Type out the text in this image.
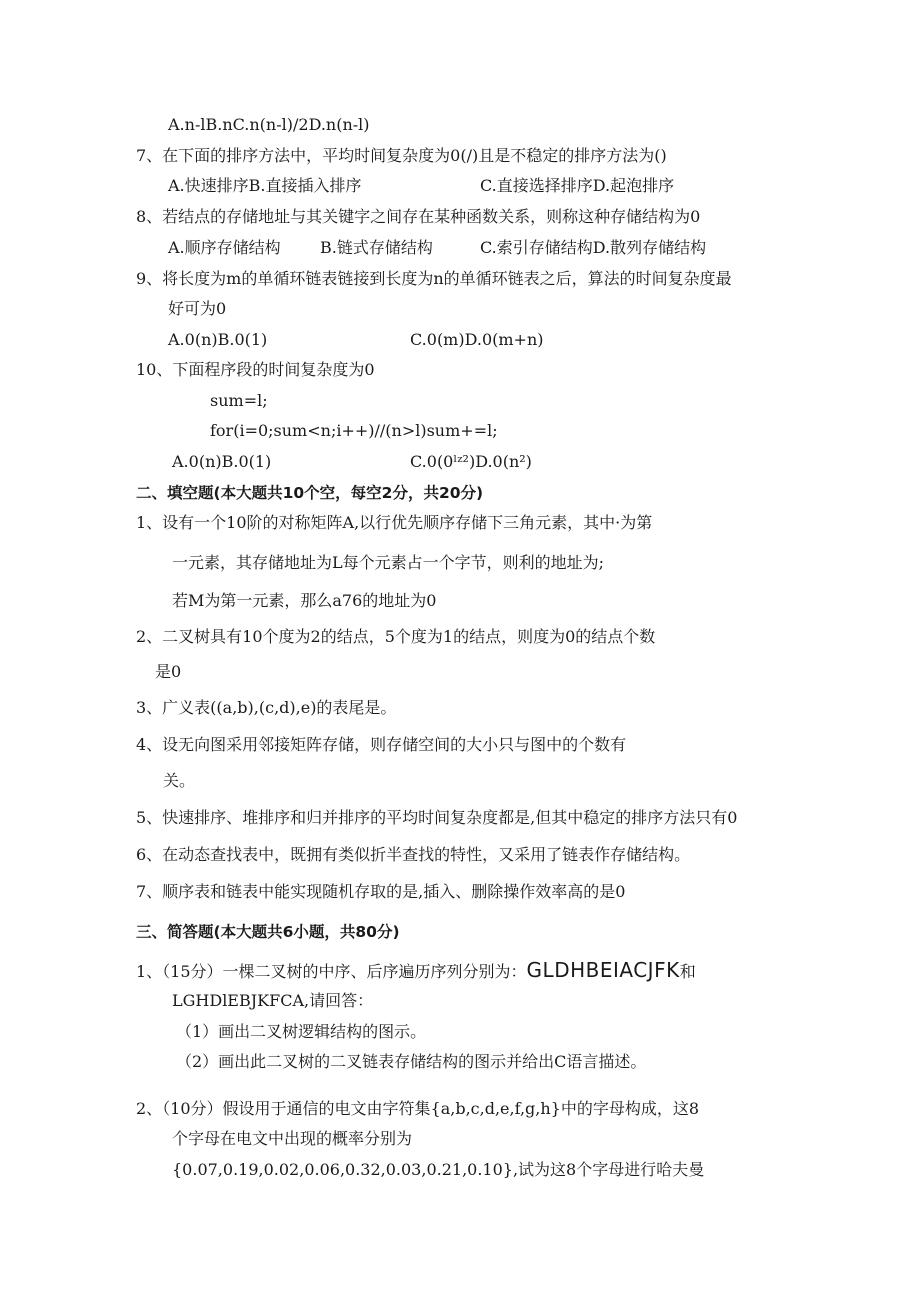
A.n-lB.nC.n(n-l)/2D.n(n-l)
7、在下面的排序方法中，平均时间复杂度为0(/)且是不稳定的排序方法为()
A.快速排序B.直接插入排序	C.直接选择排序D.起泡排序
8、若结点的存储地址与其关键字之间存在某种函数关系，则称这种存储结构为0
A.顺序存储结构 B.链式存储结构	C.索引存储结构D.散列存储结构
9、将长度为m的单循环链表链接到长度为n的单循环链表之后，算法的时间复杂度最
好可为0
A.0(n)B.0(1)	C.0(m)D.0(m+n)
10、下面程序段的时间复杂度为0
sum=l;
for(i=0;sum<n;i++)//(n>l)sum+=l;
A.0(n)B.0(1)	C.0(0ˡᶻ²)D.0(n²)
二、填空题(本大题共10个空，每空2分，共20分)
1、设有一个10阶的对称矩阵A,以行优先顺序存储下三角元素，其中·为第
一元素，其存储地址为L每个元素占一个字节，则利的地址为;
若M为第一元素，那么a76的地址为0
2、二叉树具有10个度为2的结点，5个度为1的结点，则度为0的结点个数
是0
3、广义表((a,b),(c,d),e)的表尾是。
4、设无向图采用邻接矩阵存储，则存储空间的大小只与图中的个数有
关。
5、快速排序、堆排序和归并排序的平均时间复杂度都是,但其中稳定的排序方法只有0
6、在动态查找表中，既拥有类似折半查找的特性，又采用了链表作存储结构。
7、顺序表和链表中能实现随机存取的是,插入、删除操作效率高的是0
三、简答题(本大题共6小题，共80分)
1、（15分）一棵二叉树的中序、后序遍历序列分别为：GLDHBEIACJFK和
LGHDlEBJKFCA,请回答：
（1）画出二叉树逻辑结构的图示。
（2）画出此二叉树的二叉链表存储结构的图示并给出C语言描述。
2、（10分）假设用于通信的电文由字符集{a,b,c,d,e,f,g,h}中的字母构成，这8
个字母在电文中出现的概率分别为
{0.07,0.19,0.02,0.06,0.32,0.03,0.21,0.10},试为这8个字母进行哈夫曼
